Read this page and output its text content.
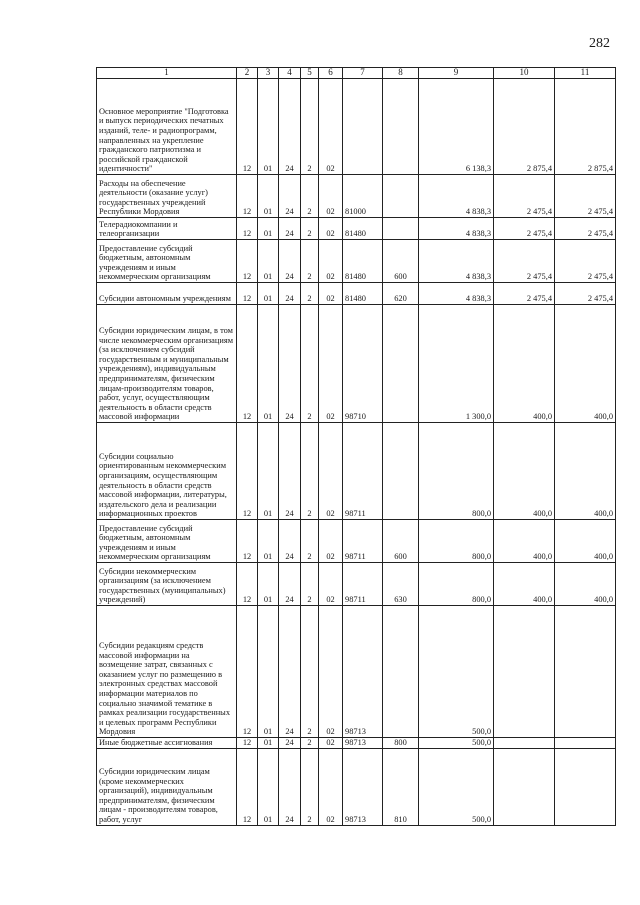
282
1	2	3	4	5	6	7	8	9	10	11
Основное мероприятие "Подготовка и выпуск периодических печатных изданий, теле- и радиопрограмм, направленных на укрепление гражданского патриотизма и российской гражданской идентичности"	12	01	24	2	02			6 138,3	2 875,4	2 875,4
Расходы на обеспечение деятельности (оказание услуг) государственных учреждений Республики Мордовия	12	01	24	2	02	81000		4 838,3	2 475,4	2 475,4
Телерадиокомпании и телеорганизации	12	01	24	2	02	81480		4 838,3	2 475,4	2 475,4
Предоставление субсидий бюджетным, автономным учреждениям и иным некоммерческим организациям	12	01	24	2	02	81480	600	4 838,3	2 475,4	2 475,4
Субсидии автономным учреждениям	12	01	24	2	02	81480	620	4 838,3	2 475,4	2 475,4
Субсидии юридическим лицам, в том числе некоммерческим организациям (за исключением субсидий государственным и муниципальным учреждениям), индивидуальным предпринимателям, физическим лицам-производителям товаров, работ, услуг, осуществляющим деятельность в области средств массовой информации	12	01	24	2	02	98710		1 300,0	400,0	400,0
Субсидии социально ориентированным некоммерческим организациям, осуществляющим деятельность в области средств массовой информации, литературы, издательского дела и реализации информационных проектов	12	01	24	2	02	98711		800,0	400,0	400,0
Предоставление субсидий бюджетным, автономным учреждениям и иным некоммерческим организациям	12	01	24	2	02	98711	600	800,0	400,0	400,0
Субсидии некоммерческим организациям (за исключением государственных (муниципальных) учреждений)	12	01	24	2	02	98711	630	800,0	400,0	400,0
Субсидии редакциям средств массовой информации на возмещение затрат, связанных с оказанием услуг по размещению в электронных средствах массовой информации материалов по социально значимой тематике в рамках реализации государственных и целевых программ Республики Мордовия	12	01	24	2	02	98713		500,0		
Иные бюджетные ассигнования	12	01	24	2	02	98713	800	500,0		
Субсидии юридическим лицам (кроме некоммерческих организаций), индивидуальным предпринимателям, физическим лицам - производителям товаров, работ, услуг	12	01	24	2	02	98713	810	500,0		
